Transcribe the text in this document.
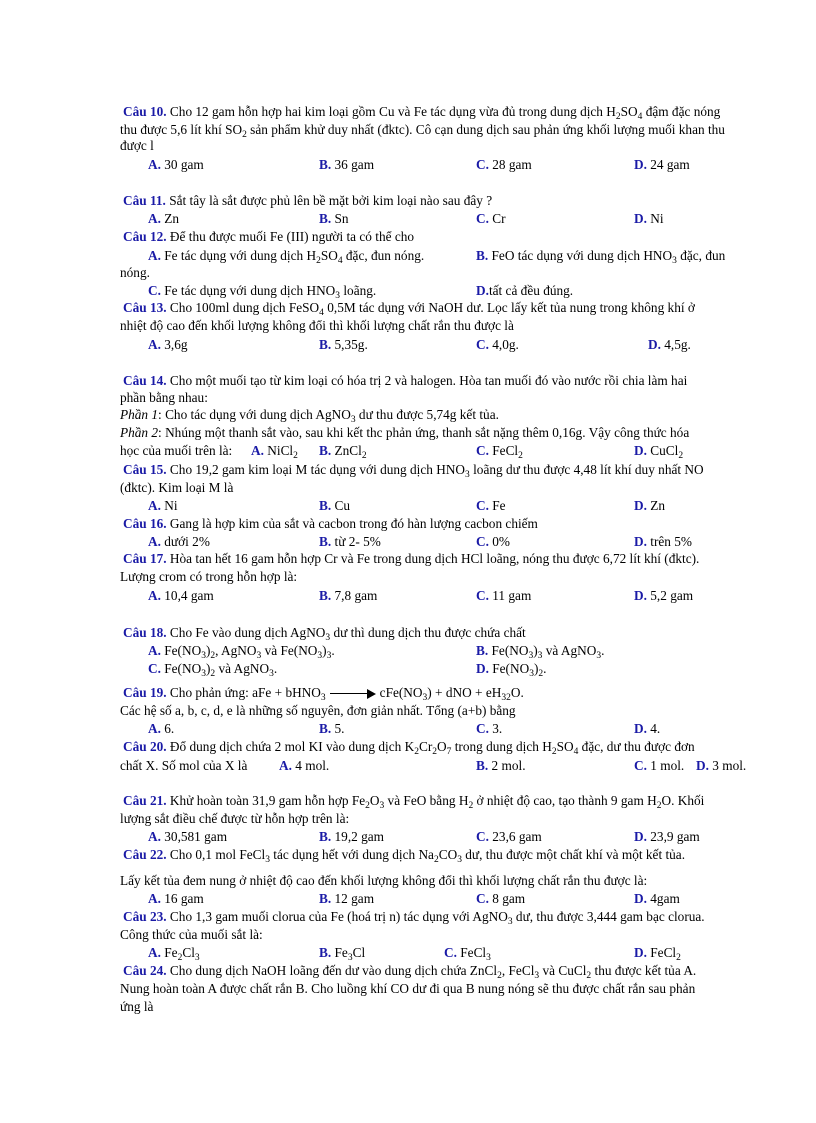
Câu 10. Cho 12 gam hỗn hợp hai kim loại gồm Cu và Fe tác dụng vừa đủ trong dung dịch $H_2SO_4$ đậm đặc nóng
thu được 5,6 lít khí $SO_2$ sản phẩm khử duy nhất (đktc). Cô cạn dung dịch sau phản ứng khối lượng muối khan thu
được l
A. 30 gam	B. 36 gam	C. 28 gam	D. 24 gam
Câu 11. Sắt tây là sắt được phủ lên bề mặt bởi kim loại nào sau đây ?
A. Zn	B. Sn	C. Cr	D. Ni
Câu 12. Để thu được muối Fe (III) người ta có thể cho
A. Fe tác dụng với dung dịch $H_2SO_4$ đặc, đun nóng.	B. FeO tác dụng với dung dịch $HNO_3$ đặc, đun
nóng.
C. Fe tác dụng với dung dịch $HNO_3$ loãng.	D.tất cả đều đúng.
Câu 13. Cho 100ml dung dịch FeSO$_4$ 0,5M tác dụng với NaOH dư. Lọc lấy kết tủa nung trong không khí ở
nhiệt độ cao đến khối lượng không đổi thì khối lượng chất rắn thu được là
A. 3,6g	B. 5,35g.	C. 4,0g.	D. 4,5g.
Câu 14. Cho một muối tạo từ kim loại có hóa trị 2 và halogen. Hòa tan muối đó vào nước rồi chia làm hai
phần bằng nhau:
Phần 1: Cho tác dụng với dung dịch AgNO$_3$ dư thu được 5,74g kết tủa.
Phần 2: Nhúng một thanh sắt vào, sau khi kết thc phản ứng, thanh sắt nặng thêm 0,16g. Vậy công thức hóa
học của muối trên là: A. NiCl$_2$ B. ZnCl$_2$	C. FeCl$_2$	D. CuCl$_2$
Câu 15. Cho 19,2 gam kim loại M tác dụng với dung dịch $HNO_3$ loãng dư thu được 4,48 lít khí duy nhất NO
(đktc). Kim loại M là
A. Ni	B. Cu	C. Fe	D. Zn
Câu 16. Gang là hợp kim của sắt và cacbon trong đó hàn lượng cacbon chiếm
A. dưới 2%	B. từ 2- 5%	C. 0%	D. trên 5%
Câu 17. Hòa tan hết 16 gam hỗn hợp Cr và Fe trong dung dịch HCl loãng, nóng thu được 6,72 lít khí (đktc).
Lượng crom có trong hỗn hợp là:
A. 10,4 gam	B. 7,8 gam	C. 11 gam	D. 5,2 gam
Câu 18. Cho Fe vào dung dịch AgNO$_3$ dư thì dung dịch thu được chứa chất
A. $Fe(NO_3)_2$, AgNO$_3$ và $Fe(NO_3)_3$.	B. $Fe(NO_3)_3$ và AgNO$_3$.
C. $Fe(NO_3)_2$ và AgNO$_3$.	D. $Fe(NO_3)_2$.
Câu 19. Cho phản ứng: aFe + bHNO$_3$	$cFe(NO_3)$ + dNO + $eH_{32}O$.
Các hệ số a, b, c, d, e là những số nguyên, đơn giản nhất. Tổng (a+b) bằng
A. 6.	B. 5.	C. 3.	D. 4.
Câu 20. Đổ dung dịch chứa 2 mol KI vào dung dịch $K_2Cr_2O_7$ trong dung dịch $H_2SO_4$ đặc, dư thu được đơn
chất X. Số mol của X là A. 4 mol.	B. 2 mol.	C. 1 mol. D. 3 mol.
Câu 21. Khử hoàn toàn 31,9 gam hỗn hợp $Fe_2O_3$ và FeO bằng $H_2$ ở nhiệt độ cao, tạo thành 9 gam $H_2O$. Khối
lượng sắt điều chế được từ hỗn hợp trên là:
A. 30,581 gam	B. 19,2 gam	C. 23,6 gam	D. 23,9 gam
Câu 22. Cho 0,1 mol FeCl$_3$ tác dụng hết với dung dịch $Na_2CO_3$ dư, thu được một chất khí và một kết tủa.
Lấy kết tủa đem nung ở nhiệt độ cao đến khối lượng không đổi thì khối lượng chất rắn thu được là:
A. 16 gam	B. 12 gam	C. 8 gam	D. 4gam
Câu 23. Cho 1,3 gam muối clorua của Fe (hoá trị n) tác dụng với AgNO$_3$ dư, thu được 3,444 gam bạc clorua.
Công thức của muối sắt là:
A. $Fe_2Cl_3$	B. $Fe_3Cl$	C. FeCl$_3$	D. FeCl$_2$
Câu 24. Cho dung dịch NaOH loãng đến dư vào dung dịch chứa ZnCl$_2$, FeCl$_3$ và CuCl$_2$ thu được kết tủa A.
Nung hoàn toàn A được chất rắn B. Cho luồng khí CO dư đi qua B nung nóng sẽ thu được chất rắn sau phản
ứng là
